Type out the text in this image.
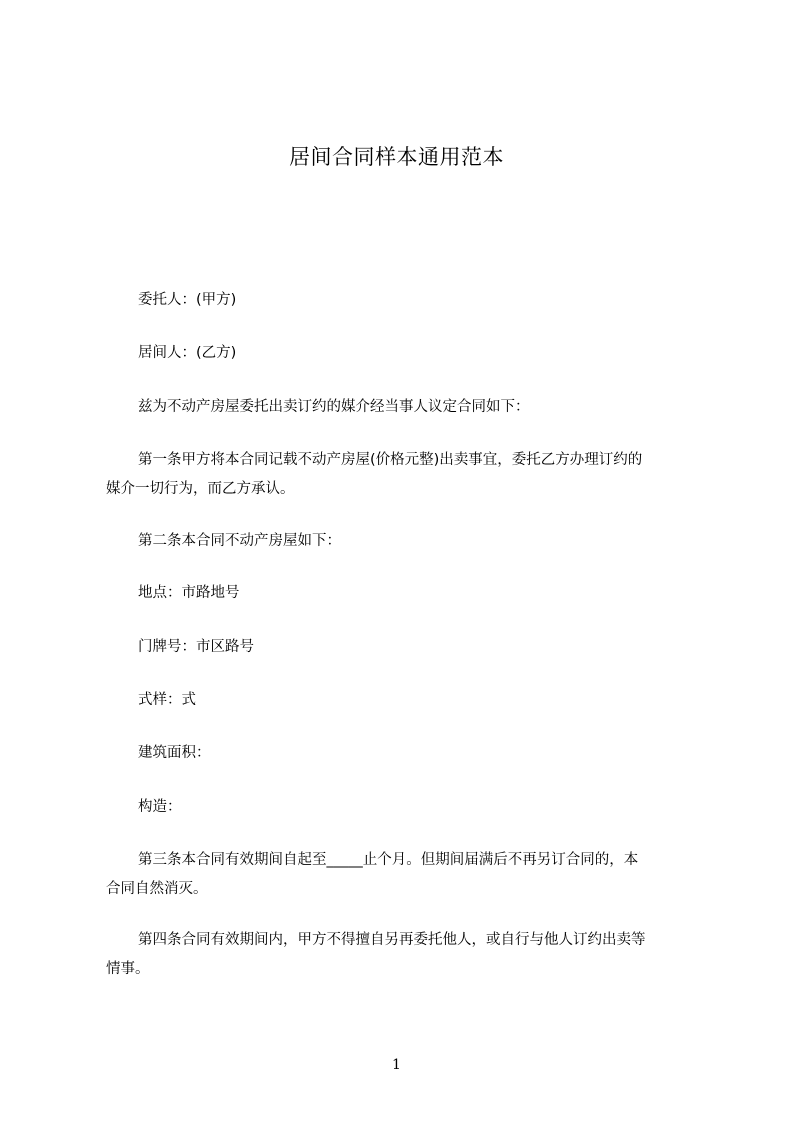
居间合同样本通用范本
委托人：(甲方)
居间人：(乙方)
兹为不动产房屋委托出卖订约的媒介经当事人议定合同如下：
第一条甲方将本合同记载不动产房屋(价格元整)出卖事宜，委托乙方办理订约的
媒介一切行为，而乙方承认。
第二条本合同不动产房屋如下：
地点：市路地号
门牌号：市区路号
式样：式
建筑面积：
构造：
第三条本合同有效期间自起至_____止个月。但期间届满后不再另订合同的，本
合同自然消灭。
第四条合同有效期间内，甲方不得擅自另再委托他人，或自行与他人订约出卖等
情事。
1
